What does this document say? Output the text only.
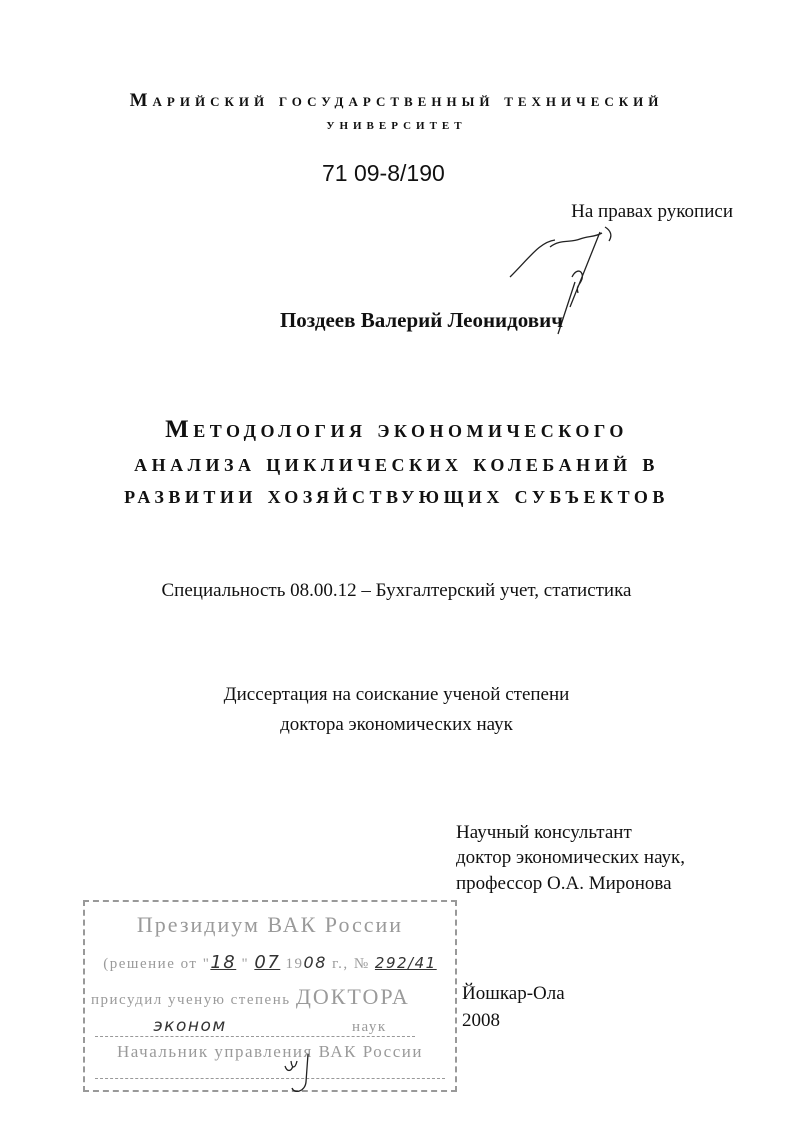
Марийский государственный технический
университет
71 09-8/190
На правах рукописи
Поздеев Валерий Леонидович
Методология экономического
анализа циклических колебаний в
развитии хозяйствующих субъектов
Специальность 08.00.12 – Бухгалтерский учет, статистика
Диссертация на соискание ученой степени
доктора экономических наук
Научный консультант
доктор экономических наук,
профессор О.А. Миронова
Президиум ВАК России
(решение от "18 " 07 1908 г., № 292/41
присудил ученую степень ДОКТОРА
эконом	наук
Начальник управления ВАК России
Йошкар-Ола
2008
